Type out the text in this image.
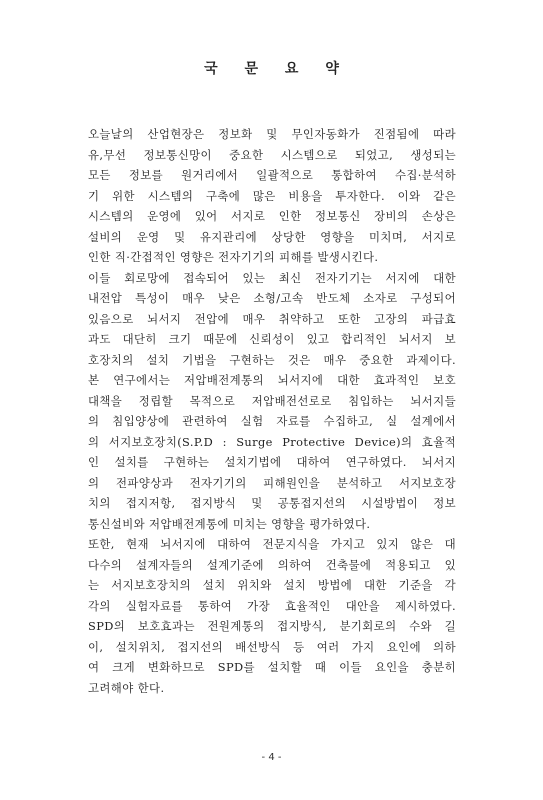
국 문 요 약
오늘날의 산업현장은 정보화 및 무인자동화가 진점됨에 따라
유,무선 정보통신망이 중요한 시스템으로 되었고, 생성되는
모든 정보를 원거리에서 일괄적으로 통합하여 수집·분석하
기 위한 시스템의 구축에 많은 비용을 투자한다. 이와 같은
시스템의 운영에 있어 서지로 인한 정보통신 장비의 손상은
설비의 운영 및 유지관리에 상당한 영향을 미치며, 서지로
인한 직·간접적인 영향은 전자기기의 피해를 발생시킨다.
이들 회로망에 접속되어 있는 최신 전자기기는 서지에 대한
내전압 특성이 매우 낮은 소형/고속 반도체 소자로 구성되어
있음으로 뇌서지 전압에 매우 취약하고 또한 고장의 파급효
과도 대단히 크기 때문에 신뢰성이 있고 합리적인 뇌서지 보
호장치의 설치 기법을 구현하는 것은 매우 중요한 과제이다.
본 연구에서는 저압배전계통의 뇌서지에 대한 효과적인 보호
대책을 정립할 목적으로 저압배전선로로 침입하는 뇌서지들
의 침입양상에 관련하여 실험 자료를 수집하고, 실 설계에서
의 서지보호장치(S.P.D : Surge Protective Device)의 효율적
인 설치를 구현하는 설치기법에 대하여 연구하였다. 뇌서지
의 전파양상과 전자기기의 피해원인을 분석하고 서지보호장
치의 접지저항, 접지방식 및 공통접지선의 시설방법이 정보
통신설비와 저압배전계통에 미치는 영향을 평가하였다.
또한, 현재 뇌서지에 대하여 전문지식을 가지고 있지 않은 대
다수의 설계자들의 설계기준에 의하여 건축물에 적용되고 있
는 서지보호장치의 설치 위치와 설치 방법에 대한 기준을 각
각의 실험자료를 통하여 가장 효율적인 대안을 제시하였다.
SPD의 보호효과는 전원계통의 접지방식, 분기회로의 수와 길
이, 설치위치, 접지선의 배선방식 등 여러 가지 요인에 의하
여 크게 변화하므로 SPD를 설치할 때 이들 요인을 충분히
고려해야 한다.
- 4 -
